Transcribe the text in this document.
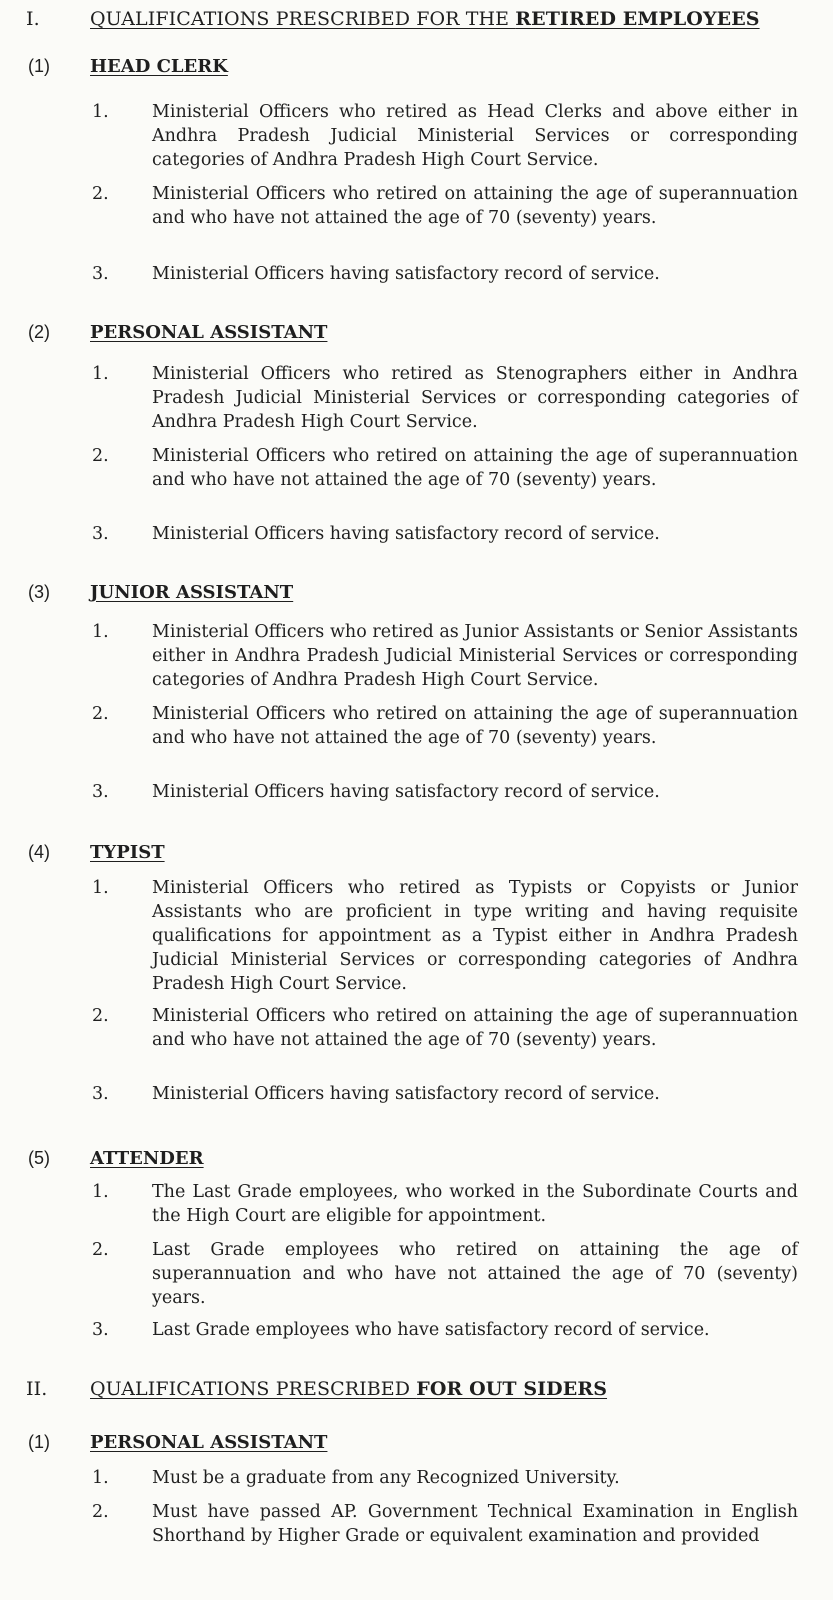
I.	QUALIFICATIONS PRESCRIBED FOR THE RETIRED EMPLOYEES
(1) HEAD CLERK
1. Ministerial Officers who retired as Head Clerks and above either in Andhra Pradesh Judicial Ministerial Services or corresponding categories of Andhra Pradesh High Court Service.
2. Ministerial Officers who retired on attaining the age of superannuation and who have not attained the age of 70 (seventy) years.
3. Ministerial Officers having satisfactory record of service.
(2) PERSONAL ASSISTANT
1. Ministerial Officers who retired as Stenographers either in Andhra Pradesh Judicial Ministerial Services or corresponding categories of Andhra Pradesh High Court Service.
2. Ministerial Officers who retired on attaining the age of superannuation and who have not attained the age of 70 (seventy) years.
3. Ministerial Officers having satisfactory record of service.
(3) JUNIOR ASSISTANT
1. Ministerial Officers who retired as Junior Assistants or Senior Assistants either in Andhra Pradesh Judicial Ministerial Services or corresponding categories of Andhra Pradesh High Court Service.
2. Ministerial Officers who retired on attaining the age of superannuation and who have not attained the age of 70 (seventy) years.
3. Ministerial Officers having satisfactory record of service.
(4) TYPIST
1. Ministerial Officers who retired as Typists or Copyists or Junior Assistants who are proficient in type writing and having requisite qualifications for appointment as a Typist either in Andhra Pradesh Judicial Ministerial Services or corresponding categories of Andhra Pradesh High Court Service.
2. Ministerial Officers who retired on attaining the age of superannuation and who have not attained the age of 70 (seventy) years.
3. Ministerial Officers having satisfactory record of service.
(5) ATTENDER
1. The Last Grade employees, who worked in the Subordinate Courts and the High Court are eligible for appointment.
2. Last Grade employees who retired on attaining the age of superannuation and who have not attained the age of 70 (seventy) years.
3. Last Grade employees who have satisfactory record of service.
II. QUALIFICATIONS PRESCRIBED FOR OUT SIDERS
(1) PERSONAL ASSISTANT
1. Must be a graduate from any Recognized University.
2. Must have passed AP. Government Technical Examination in English Shorthand by Higher Grade or equivalent examination and provided
